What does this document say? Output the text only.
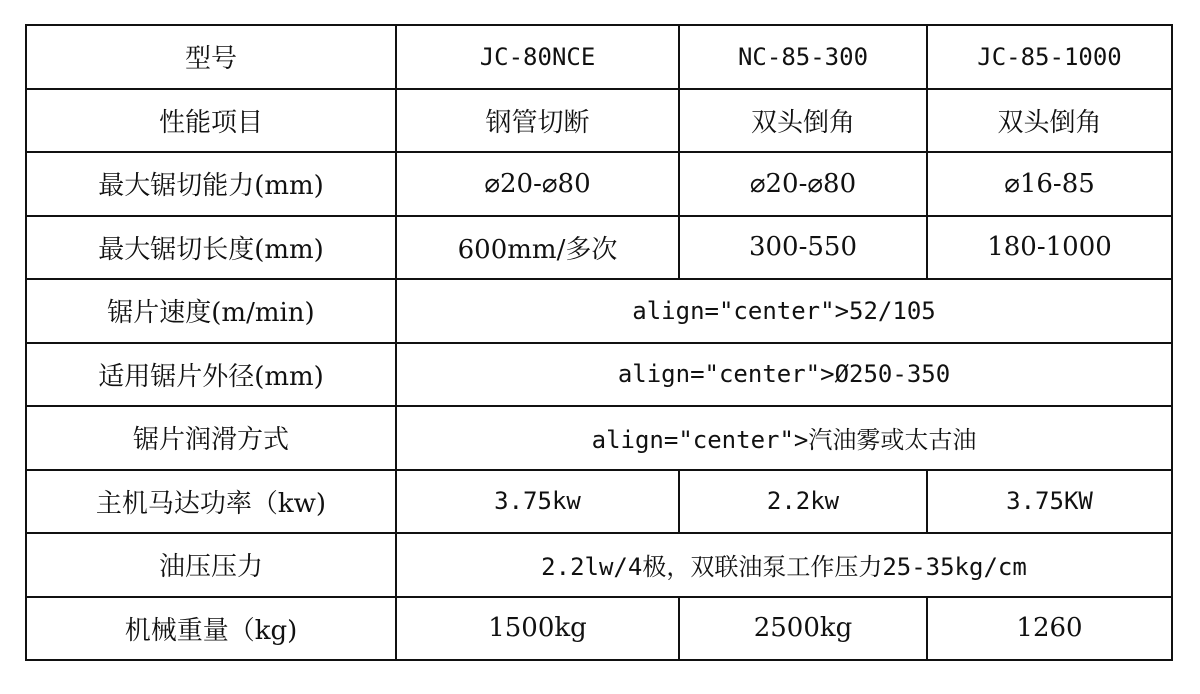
型号	JC-80NCE	NC-85-300	JC-85-1000
性能项目	钢管切断	双头倒角	双头倒角
最大锯切能力(mm)	⌀20-⌀80	⌀20-⌀80	⌀16-85
最大锯切长度(mm)	600mm/多次	300-550	180-1000
锯片速度(m/min)	align="center">52/105		
适用锯片外径(mm)	align="center">Ø250-350		
锯片润滑方式	align="center">汽油雾或太古油		
主机马达功率（kw)	3.75kw	2.2kw	3.75KW
油压压力	2.2lw/4极，双联油泵工作压力25-35kg/cm		
机械重量（kg)	1500kg	2500kg	1260
